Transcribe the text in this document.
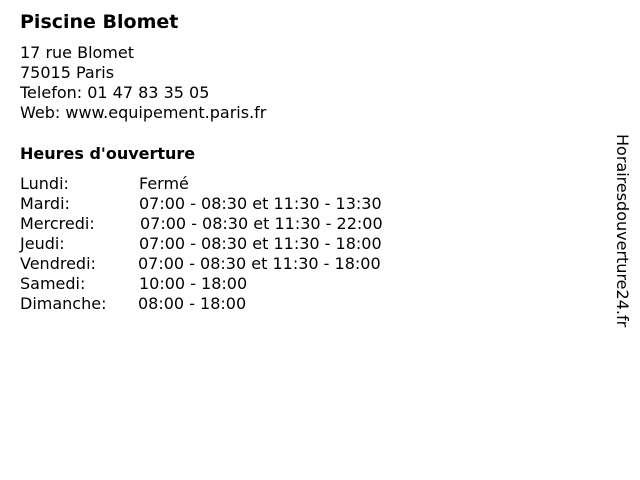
Piscine Blomet
17 rue Blomet
75015 Paris
Telefon: 01 47 83 35 05
Web: www.equipement.paris.fr
Heures d'ouverture
Lundi:	Fermé
Mardi:	07:00 - 08:30 et 11:30 - 13:30
Mercredi:	07:00 - 08:30 et 11:30 - 22:00
Jeudi:	07:00 - 08:30 et 11:30 - 18:00
Vendredi:	07:00 - 08:30 et 11:30 - 18:00
Samedi:	10:00 - 18:00
Dimanche: 08:00 - 18:00	Horairesdouverture24.fr
